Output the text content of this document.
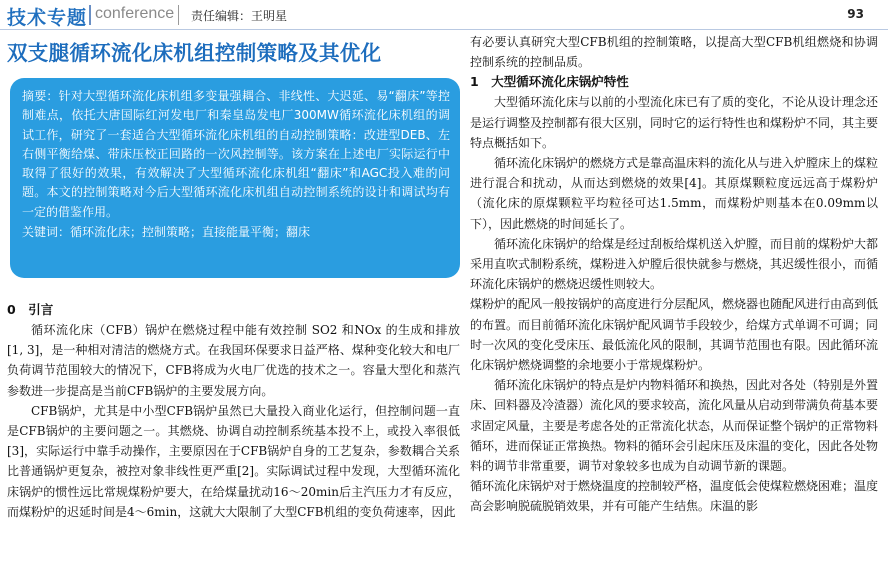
技术专题 conference 责任编辑：王明星	93
双支腿循环流化床机组控制策略及其优化
摘要：针对大型循环流化床机组多变量强耦合、非线性、大迟延、易“翻床”等控制难点，依托大唐国际红河发电厂和秦皇岛发电厂300MW循环流化床机组的调试工作，研究了一套适合大型循环流化床机组的自动控制策略：改进型DEB、左右侧平衡给煤、带床压校正回路的一次风控制等。该方案在上述电厂实际运行中取得了很好的效果，有效解决了大型循环流化床机组“翻床”和AGC投入难的问题。本文的控制策略对今后大型循环流化床机组自动控制系统的设计和调试均有一定的借鉴作用。
关键词：循环流化床；控制策略；直接能量平衡；翻床
0　引言

循环流化床（CFB）锅炉在燃烧过程中能有效控制 SO2 和NOx 的生成和排放[1, 3]，是一种相对清洁的燃烧方式。在我国环保要求日益严格、煤种变化较大和电厂负荷调节范围较大的情况下，CFB将成为火电厂优选的技术之一。容量大型化和蒸汽参数进一步提高是当前CFB锅炉的主要发展方向。

CFB锅炉，尤其是中小型CFB锅炉虽然已大量投入商业化运行，但控制问题一直是CFB锅炉的主要问题之一。其燃烧、协调自动控制系统基本投不上，或投入率很低[3]，实际运行中靠手动操作，主要原因在于CFB锅炉自身的工艺复杂，参数耦合关系比普通锅炉更复杂，被控对象非线性更严重[2]。实际调试过程中发现，大型循环流化床锅炉的惯性远比常规煤粉炉要大，在给煤量扰动16～20min后主汽压力才有反应，而煤粉炉的迟延时间是4～6min，这就大大限制了大型CFB机组的变负荷速率，因此

有必要认真研究大型CFB机组的控制策略，以提高大型CFB机组燃烧和协调控制系统的控制品质。

1　大型循环流化床锅炉特性

大型循环流化床与以前的小型流化床已有了质的变化，不论从设计理念还是运行调整及控制都有很大区别，同时它的运行特性也和煤粉炉不同，其主要特点概括如下。

循环流化床锅炉的燃烧方式是靠高温床料的流化从与进入炉膛床上的煤粒进行混合和扰动，从而达到燃烧的效果[4]。其原煤颗粒度远远高于煤粉炉（流化床的原煤颗粒平均粒径可达1.5mm，而煤粉炉则基本在0.09mm以下），因此燃烧的时间延长了。

循环流化床锅炉的给煤是经过刮板给煤机送入炉膛，而目前的煤粉炉大都采用直吹式制粉系统，煤粉进入炉膛后很快就参与燃烧，其迟缓性很小，而循环流化床锅炉的燃烧迟缓性则较大。

煤粉炉的配风一般按锅炉的高度进行分层配风，燃烧器也随配风进行由高到低的布置。而目前循环流化床锅炉配风调节手段较少，给煤方式单调不可调；同时一次风的变化受床压、最低流化风的限制，其调节范围也有限。因此循环流化床锅炉燃烧调整的余地要小于常规煤粉炉。

循环流化床锅炉的特点是炉内物料循环和换热，因此对各处（特别是外置床、回料器及冷渣器）流化风的要求较高，流化风量从启动到带满负荷基本要求固定风量，主要是考虑各处的正常流化状态，从而保证整个锅炉的正常物料循环，进而保证正常换热。物料的循环会引起床压及床温的变化，因此各处物料的调节非常重要，调节对象较多也成为自动调节新的课题。

循环流化床锅炉对于燃烧温度的控制较严格，温度低会使煤粒燃烧困难；温度高会影响脱硫脱销效果，并有可能产生结焦。床温的影
